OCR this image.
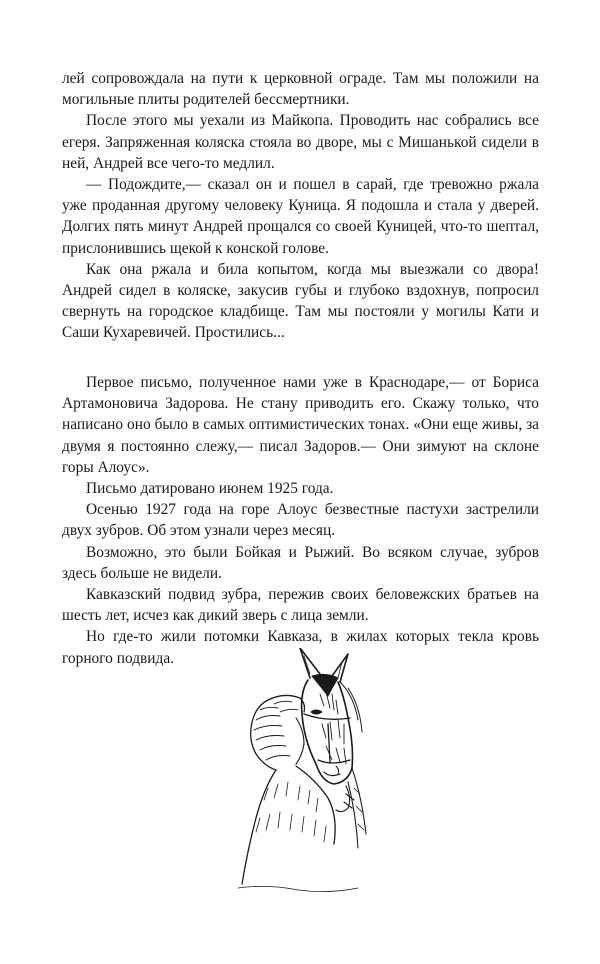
лей сопровождала на пути к церковной ограде. Там мы положили на могильные плиты родителей бессмертники.

После этого мы уехали из Майкопа. Проводить нас собрались все егеря. Запряженная коляска стояла во дворе, мы с Мишанькой сидели в ней, Андрей все чего-то медлил.

— Подождите,— сказал он и пошел в сарай, где тревожно ржала уже проданная другому человеку Куница. Я подошла и стала у дверей. Долгих пять минут Андрей прощался со своей Куницей, что-то шептал, прислонившись щекой к конской голове.

Как она ржала и била копытом, когда мы выезжали со двора! Андрей сидел в коляске, закусив губы и глубоко вздохнув, попросил свернуть на городское кладбище. Там мы постояли у могилы Кати и Саши Кухаревичей. Простились...

Первое письмо, полученное нами уже в Краснодаре,— от Бориса Артамоновича Задорова. Не стану приводить его. Скажу только, что написано оно было в самых оптимистических тонах. «Они еще живы, за двумя я постоянно слежу,— писал Задоров.— Они зимуют на склоне горы Алоус».

Письмо датировано июнем 1925 года.

Осенью 1927 года на горе Алоус безвестные пастухи застрелили двух зубров. Об этом узнали через месяц.

Возможно, это были Бойкая и Рыжий. Во всяком случае, зубров здесь больше не видели.

Кавказский подвид зубра, пережив своих беловежских братьев на шесть лет, исчез как дикий зверь с лица земли.

Но где-то жили потомки Кавказа, в жилах которых текла кровь горного подвида.
